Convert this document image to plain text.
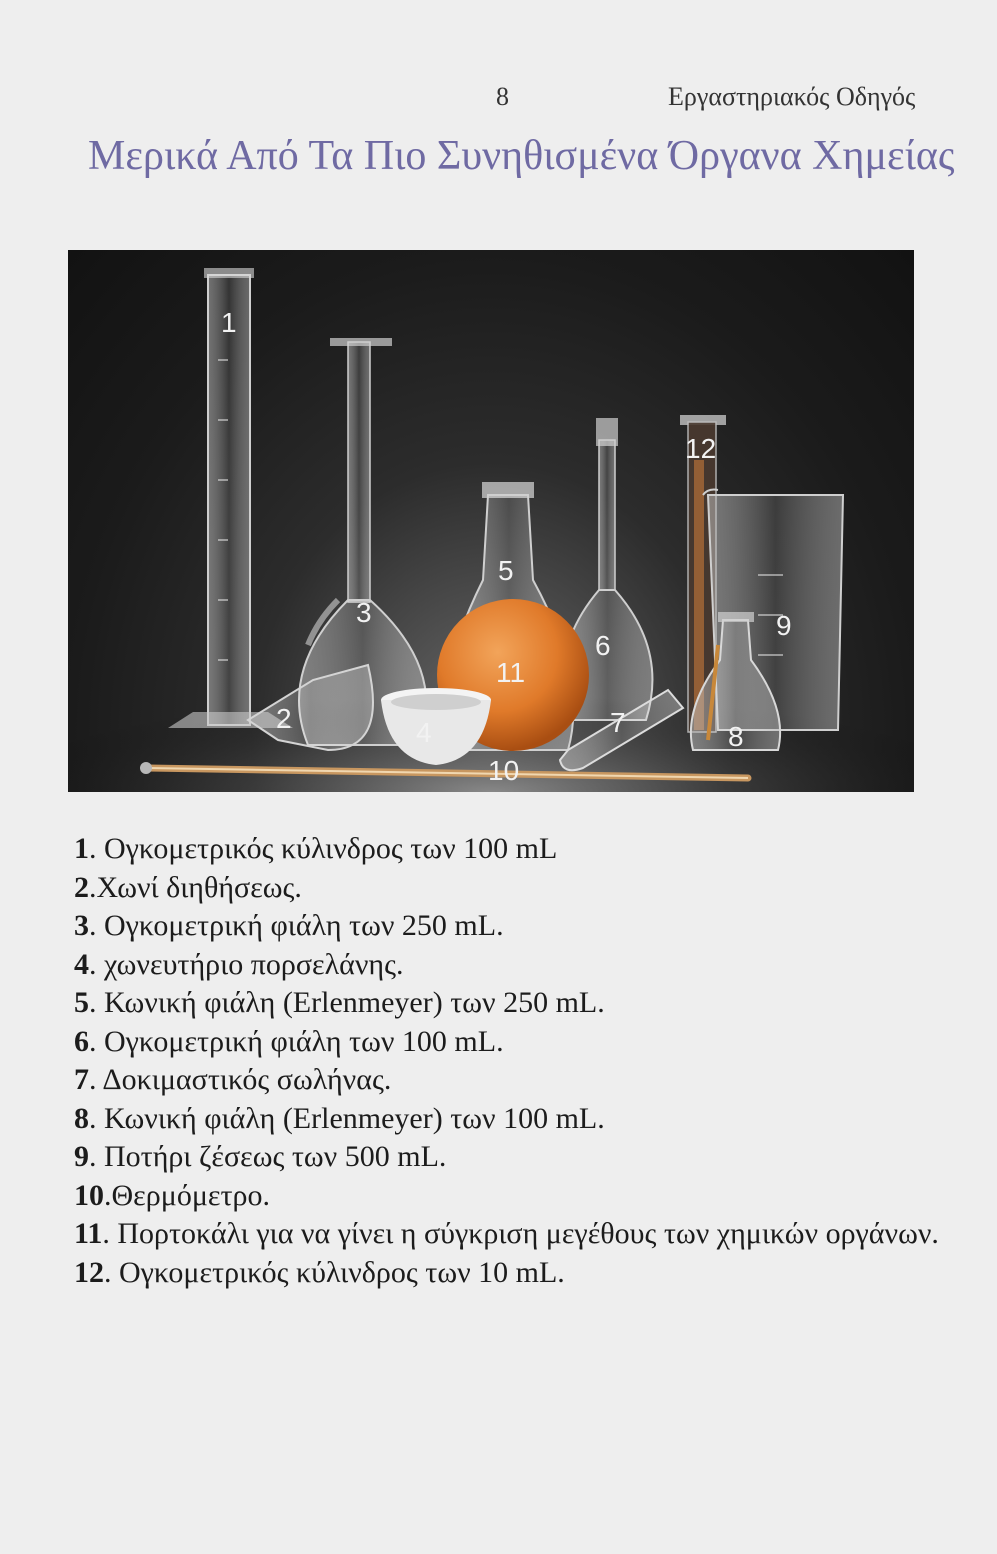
8	Εργαστηριακός Οδηγός
Μερικά Από Τα Πιο Συνηθισμένα Όργανα Χημείας
1
2
3
4
5
6
7	8
9
10
11
12
1. Ογκομετρικός κύλινδρος των 100 mL
2.Χωνί διηθήσεως.
3. Ογκομετρική φιάλη των 250 mL.
4. χωνευτήριο πορσελάνης.
5. Κωνική φιάλη (Erlenmeyer) των 250 mL.
6. Ογκομετρική φιάλη των 100 mL.
7. Δοκιμαστικός σωλήνας.
8. Κωνική φιάλη (Erlenmeyer) των 100 mL.
9. Ποτήρι ζέσεως των 500 mL.
10.Θερμόμετρο.
11. Πορτοκάλι για να γίνει η σύγκριση μεγέθους των χημικών οργάνων.
12. Ογκομετρικός κύλινδρος των 10 mL.
